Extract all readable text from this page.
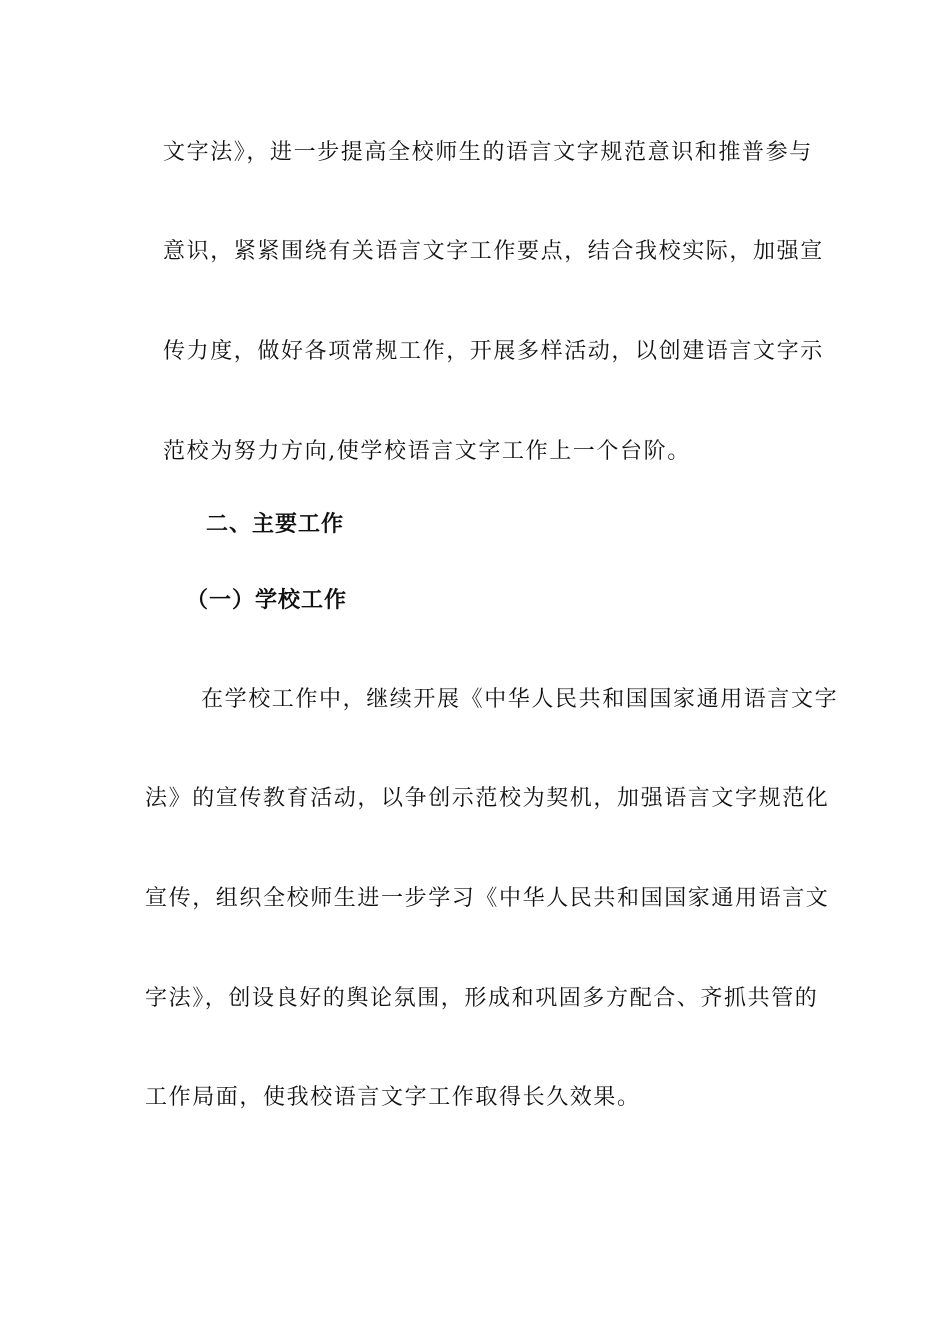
文字法》，进一步提高全校师生的语言文字规范意识和推普参与
意识，紧紧围绕有关语言文字工作要点，结合我校实际，加强宣
传力度，做好各项常规工作，开展多样活动，以创建语言文字示
范校为努力方向,使学校语言文字工作上一个台阶。
二、主要工作
（一）学校工作
在学校工作中，继续开展《中华人民共和国国家通用语言文字
法》的宣传教育活动，以争创示范校为契机，加强语言文字规范化
宣传，组织全校师生进一步学习《中华人民共和国国家通用语言文
字法》，创设良好的舆论氛围，形成和巩固多方配合、齐抓共管的
工作局面，使我校语言文字工作取得长久效果。
